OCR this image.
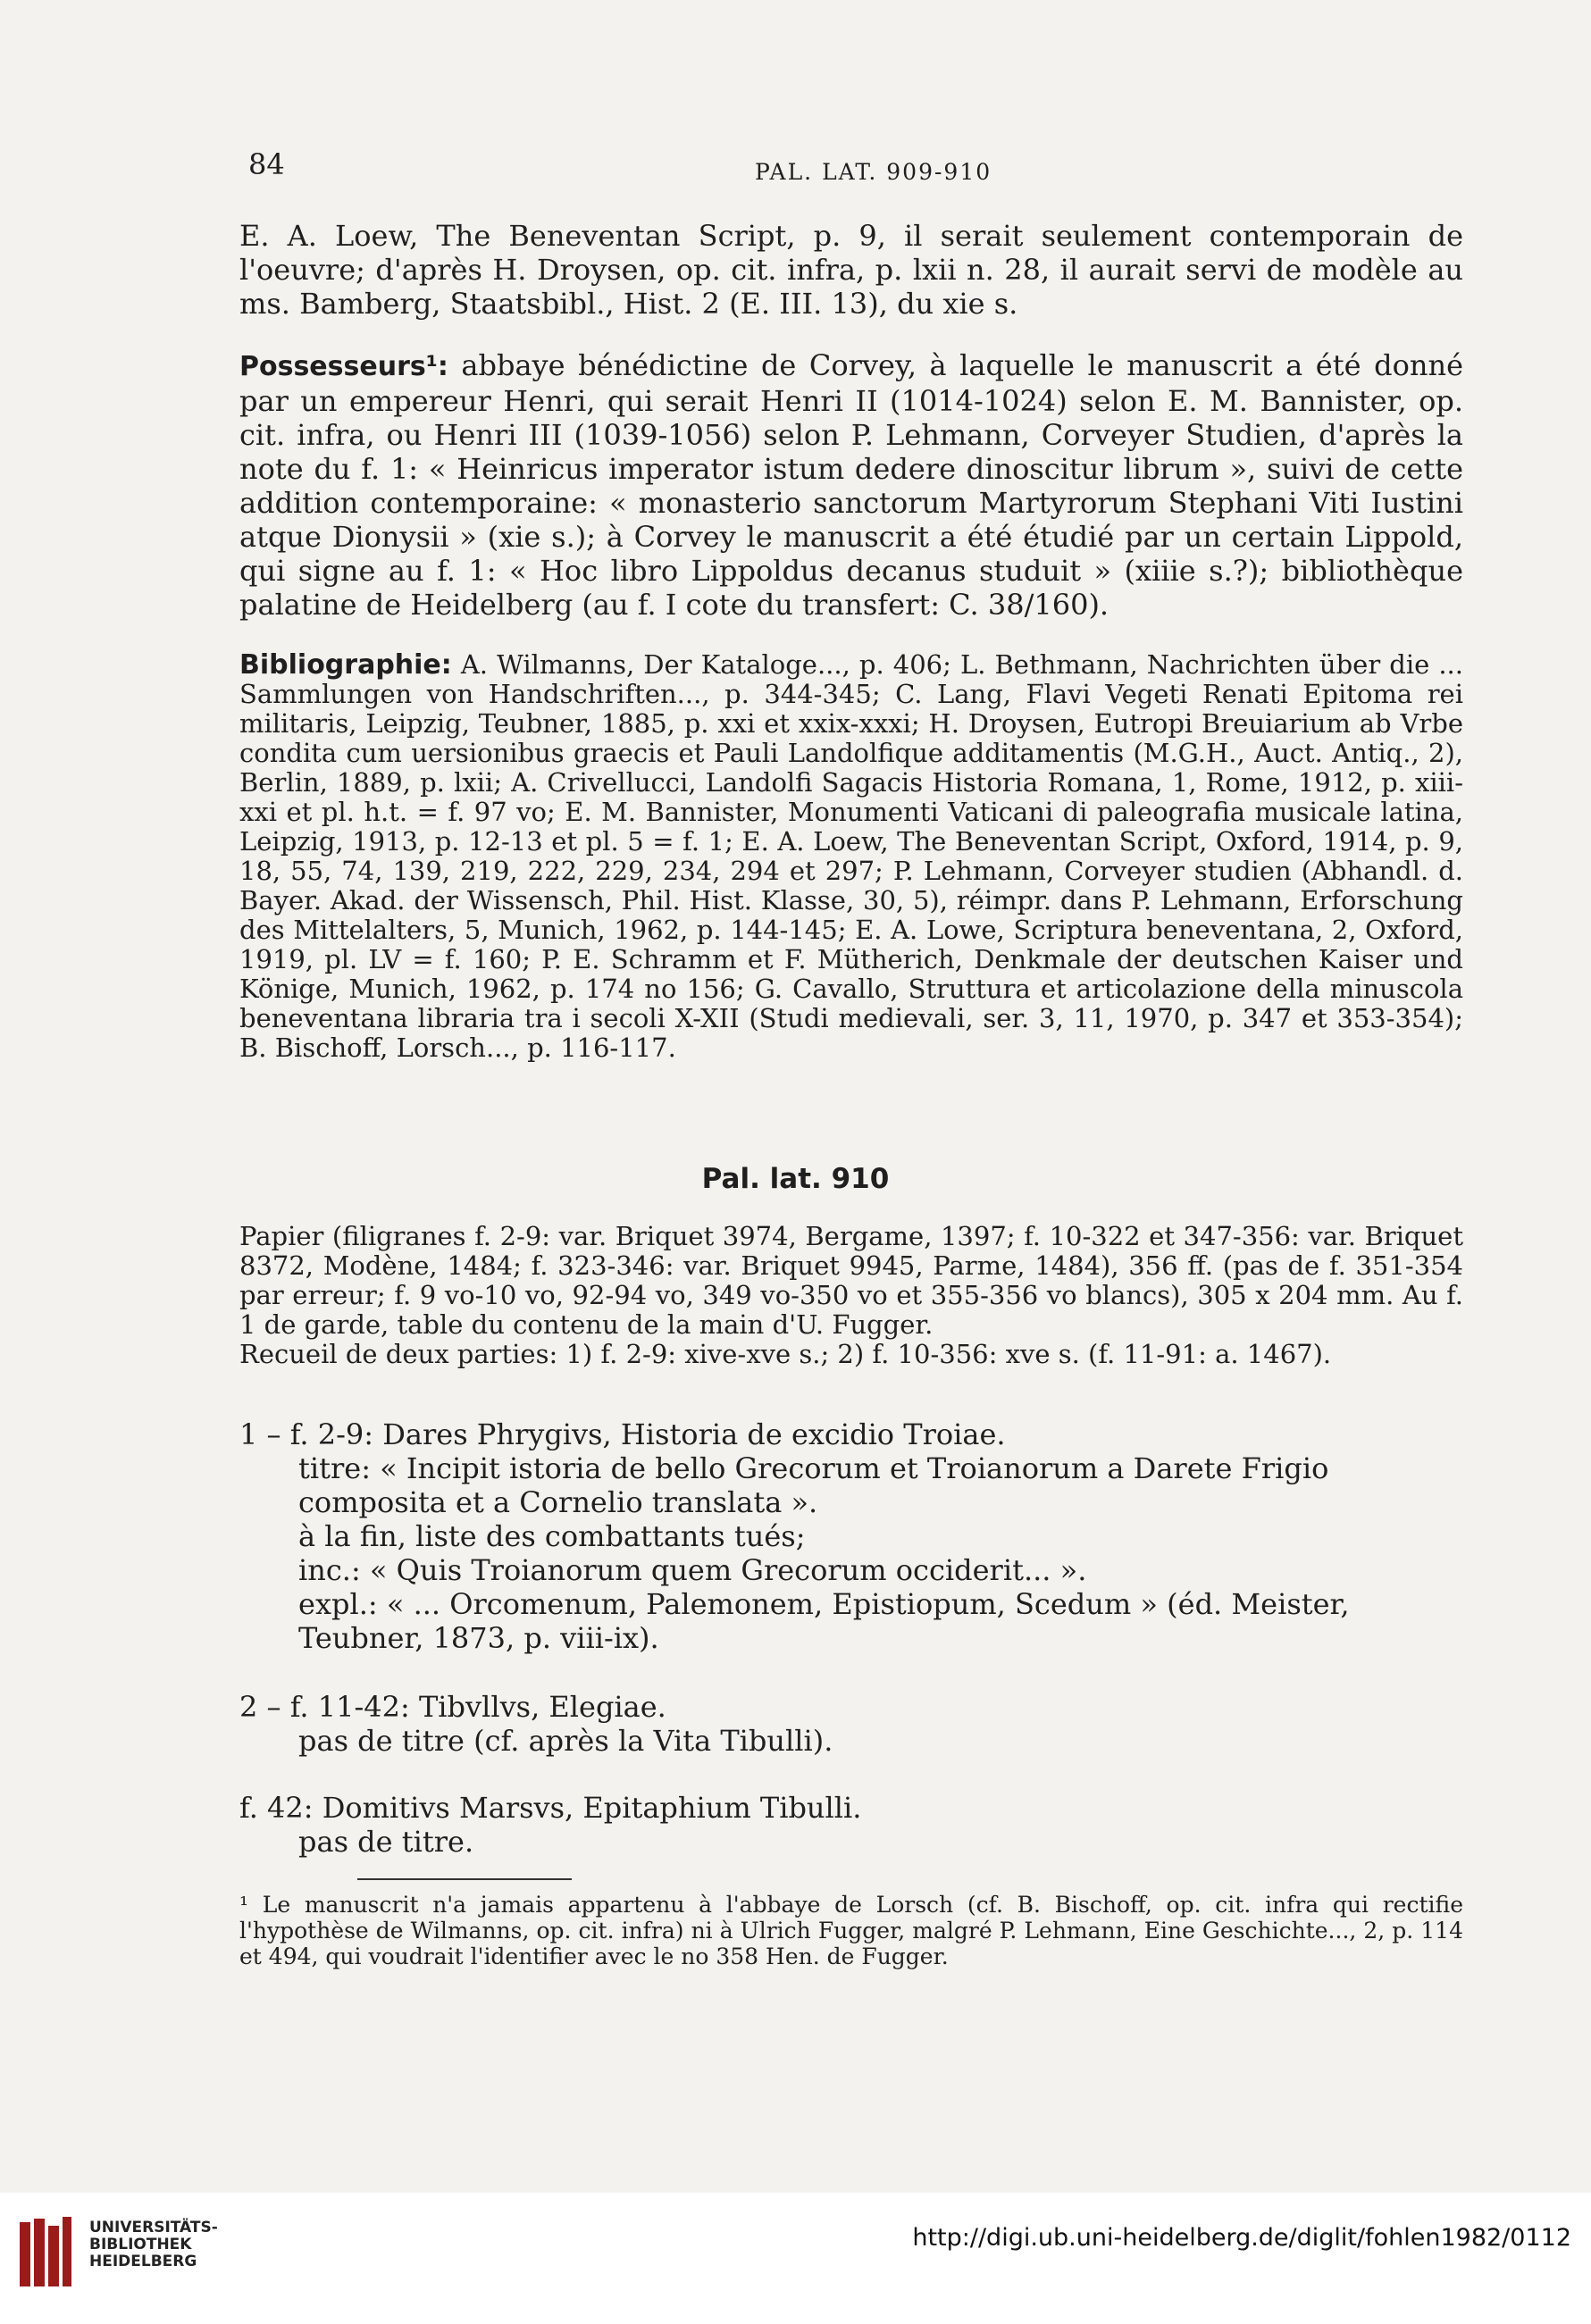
84	PAL. LAT. 909-910
E. A. Loew, The Beneventan Script, p. 9, il serait seulement contemporain de l'oeuvre; d'après H. Droysen, op. cit. infra, p. lxii n. 28, il aurait servi de modèle au ms. Bamberg, Staatsbibl., Hist. 2 (E. III. 13), du xie s.
Possesseurs¹: abbaye bénédictine de Corvey, à laquelle le manuscrit a été donné par un empereur Henri, qui serait Henri II (1014-1024) selon E. M. Bannister, op. cit. infra, ou Henri III (1039-1056) selon P. Lehmann, Corveyer Studien, d'après la note du f. 1: « Heinricus imperator istum dedere dinoscitur librum », suivi de cette addition contemporaine: « monasterio sanctorum Martyrorum Stephani Viti Iustini atque Dionysii » (xie s.); à Corvey le manuscrit a été étudié par un certain Lippold, qui signe au f. 1: « Hoc libro Lippoldus decanus studuit » (xiiie s.?); bibliothèque palatine de Heidelberg (au f. I cote du transfert: C. 38/160).
Bibliographie: A. Wilmanns, Der Kataloge..., p. 406; L. Bethmann, Nachrichten über die ... Sammlungen von Handschriften..., p. 344-345; C. Lang, Flavi Vegeti Renati Epitoma rei militaris, Leipzig, Teubner, 1885, p. xxi et xxix-xxxi; H. Droysen, Eutropi Breuiarium ab Vrbe condita cum uersionibus graecis et Pauli Landolfique additamentis (M.G.H., Auct. Antiq., 2), Berlin, 1889, p. lxii; A. Crivellucci, Landolfi Sagacis Historia Romana, 1, Rome, 1912, p. xiii-xxi et pl. h.t. = f. 97 vo; E. M. Bannister, Monumenti Vaticani di paleografia musicale latina, Leipzig, 1913, p. 12-13 et pl. 5 = f. 1; E. A. Loew, The Beneventan Script, Oxford, 1914, p. 9, 18, 55, 74, 139, 219, 222, 229, 234, 294 et 297; P. Lehmann, Corveyer studien (Abhandl. d. Bayer. Akad. der Wissensch, Phil. Hist. Klasse, 30, 5), réimpr. dans P. Lehmann, Erforschung des Mittelalters, 5, Munich, 1962, p. 144-145; E. A. Lowe, Scriptura beneventana, 2, Oxford, 1919, pl. LV = f. 160; P. E. Schramm et F. Mütherich, Denkmale der deutschen Kaiser und Könige, Munich, 1962, p. 174 no 156; G. Cavallo, Struttura et articolazione della minuscola beneventana libraria tra i secoli X-XII (Studi medievali, ser. 3, 11, 1970, p. 347 et 353-354); B. Bischoff, Lorsch..., p. 116-117.
Pal. lat. 910
Papier (filigranes f. 2-9: var. Briquet 3974, Bergame, 1397; f. 10-322 et 347-356: var. Briquet 8372, Modène, 1484; f. 323-346: var. Briquet 9945, Parme, 1484), 356 ff. (pas de f. 351-354 par erreur; f. 9 vo-10 vo, 92-94 vo, 349 vo-350 vo et 355-356 vo blancs), 305 x 204 mm. Au f. 1 de garde, table du contenu de la main d'U. Fugger.
Recueil de deux parties: 1) f. 2-9: xive-xve s.; 2) f. 10-356: xve s. (f. 11-91: a. 1467).
1 – f. 2-9: Dares Phrygivs, Historia de excidio Troiae.
titre: « Incipit istoria de bello Grecorum et Troianorum a Darete Frigio composita et a Cornelio translata ».
à la fin, liste des combattants tués;
inc.: « Quis Troianorum quem Grecorum occiderit... ».
expl.: « ... Orcomenum, Palemonem, Epistiopum, Scedum » (éd. Meister, Teubner, 1873, p. viii-ix).
2 – f. 11-42: Tibvllvs, Elegiae.
pas de titre (cf. après la Vita Tibulli).
f. 42: Domitivs Marsvs, Epitaphium Tibulli.
pas de titre.
¹ Le manuscrit n'a jamais appartenu à l'abbaye de Lorsch (cf. B. Bischoff, op. cit. infra qui rectifie l'hypothèse de Wilmanns, op. cit. infra) ni à Ulrich Fugger, malgré P. Lehmann, Eine Geschichte..., 2, p. 114 et 494, qui voudrait l'identifier avec le no 358 Hen. de Fugger.
UNIVERSITÄTS-
BIBLIOTHEK
HEIDELBERG
http://digi.ub.uni-heidelberg.de/diglit/fohlen1982/0112
